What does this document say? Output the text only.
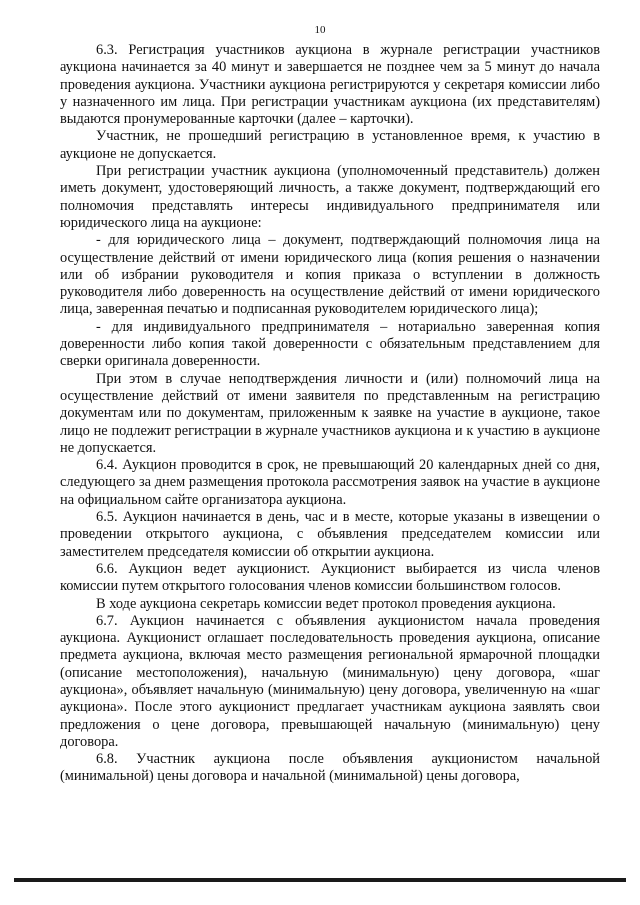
10

6.3. Регистрация участников аукциона в журнале регистрации участников аукциона начинается за 40 минут и завершается не позднее чем за 5 минут до начала проведения аукциона. Участники аукциона регистрируются у секретаря комиссии либо у назначенного им лица. При регистрации участникам аукциона (их представителям) выдаются пронумерованные карточки (далее – карточки).

Участник, не прошедший регистрацию в установленное время, к участию в аукционе не допускается.

При регистрации участник аукциона (уполномоченный представитель) должен иметь документ, удостоверяющий личность, а также документ, подтверждающий его полномочия представлять интересы индивидуального предпринимателя или юридического лица на аукционе:

- для юридического лица – документ, подтверждающий полномочия лица на осуществление действий от имени юридического лица (копия решения о назначении или об избрании руководителя и копия приказа о вступлении в должность руководителя либо доверенность на осуществление действий от имени юридического лица, заверенная печатью и подписанная руководителем юридического лица);

- для индивидуального предпринимателя – нотариально заверенная копия доверенности либо копия такой доверенности с обязательным представлением для сверки оригинала доверенности.

При этом в случае неподтверждения личности и (или) полномочий лица на осуществление действий от имени заявителя по представленным на регистрацию документам или по документам, приложенным к заявке на участие в аукционе, такое лицо не подлежит регистрации в журнале участников аукциона и к участию в аукционе не допускается.

6.4. Аукцион проводится в срок, не превышающий 20 календарных дней со дня, следующего за днем размещения протокола рассмотрения заявок на участие в аукционе на официальном сайте организатора аукциона.

6.5. Аукцион начинается в день, час и в месте, которые указаны в извещении о проведении открытого аукциона, с объявления председателем комиссии или заместителем председателя комиссии об открытии аукциона.

6.6. Аукцион ведет аукционист. Аукционист выбирается из числа членов комиссии путем открытого голосования членов комиссии большинством голосов.

В ходе аукциона секретарь комиссии ведет протокол проведения аукциона.

6.7. Аукцион начинается с объявления аукционистом начала проведения аукциона. Аукционист оглашает последовательность проведения аукциона, описание предмета аукциона, включая место размещения региональной ярмарочной площадки (описание местоположения), начальную (минимальную) цену договора, «шаг аукциона», объявляет начальную (минимальную) цену договора, увеличенную на «шаг аукциона». После этого аукционист предлагает участникам аукциона заявлять свои предложения о цене договора, превышающей начальную (минимальную) цену договора.

6.8. Участник аукциона после объявления аукционистом начальной (минимальной) цены договора и начальной (минимальной) цены договора,
